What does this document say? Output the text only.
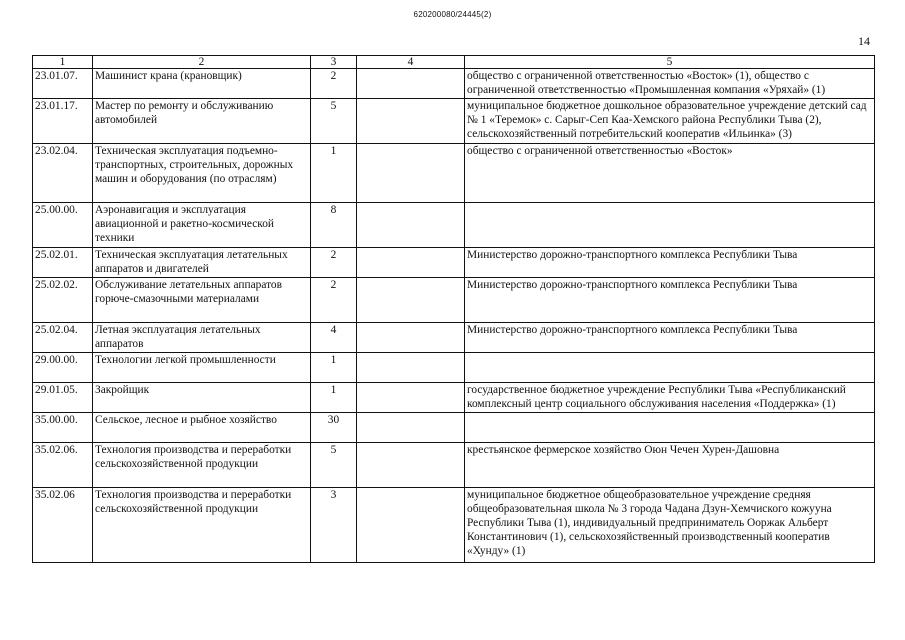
620200080/24445(2)
14
1	2	3	4	5
23.01.07.	Машинист крана (крановщик)	2		общество с ограниченной ответственностью «Восток» (1), общество с ограниченной ответственностью «Промышленная компания «Уряхай» (1)
23.01.17.	Мастер по ремонту и обслуживанию автомобилей	5		муниципальное бюджетное дошкольное образовательное учреждение детский сад № 1 «Теремок» с. Сарыг-Сеп Каа-Хемского района Республики Тыва (2), сельскохозяйственный потребительский кооператив «Ильинка» (3)
23.02.04.	Техническая эксплуатация подъемно-транспортных, строительных, дорожных машин и оборудования (по отраслям)	1		общество с ограниченной ответственностью «Восток»
25.00.00.	Аэронавигация и эксплуатация авиационной и ракетно-космической техники	8		
25.02.01.	Техническая эксплуатация летательных аппаратов и двигателей	2		Министерство дорожно-транспортного комплекса Республики Тыва
25.02.02.	Обслуживание летательных аппаратов горюче-смазочными материалами	2		Министерство дорожно-транспортного комплекса Республики Тыва
25.02.04.	Летная эксплуатация летательных аппаратов	4		Министерство дорожно-транспортного комплекса Республики Тыва
29.00.00.	Технологии легкой промышленности	1		
29.01.05.	Закройщик	1		государственное бюджетное учреждение Республики Тыва «Республиканский комплексный центр социального обслуживания населения «Поддержка» (1)
35.00.00.	Сельское, лесное и рыбное хозяйство	30		
35.02.06.	Технология производства и переработки сельскохозяйственной продукции	5		крестьянское фермерское хозяйство Оюн Чечен Хурен-Дашовна
35.02.06	Технология производства и переработки сельскохозяйственной продукции	3		муниципальное бюджетное общеобразовательное учреждение средняя общеобразовательная школа № 3 города Чадана Дзун-Хемчиского кожууна Республики Тыва (1), индивидуальный предприниматель Ооржак Альберт Константинович (1), сельскохозяйственный производственный кооператив «Хунду» (1)
